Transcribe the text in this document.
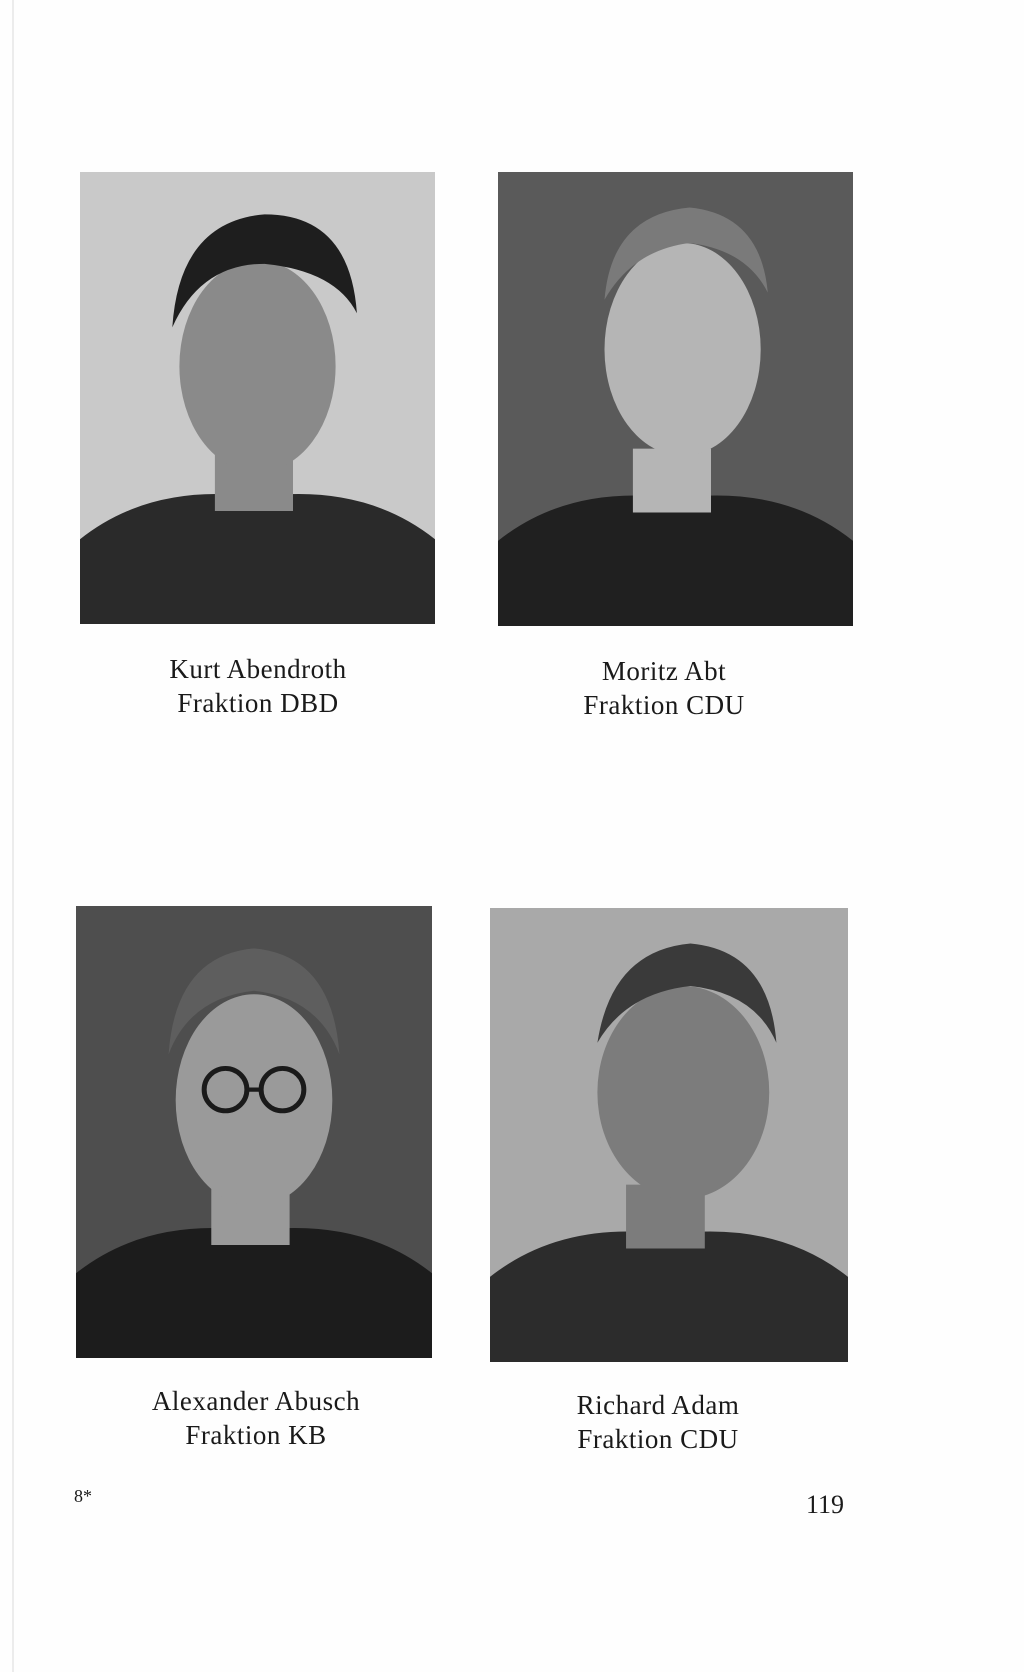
Kurt Abendroth
Fraktion DBD
Moritz Abt
Fraktion CDU
Alexander Abusch
Fraktion KB
Richard Adam
Fraktion CDU
8*	119
